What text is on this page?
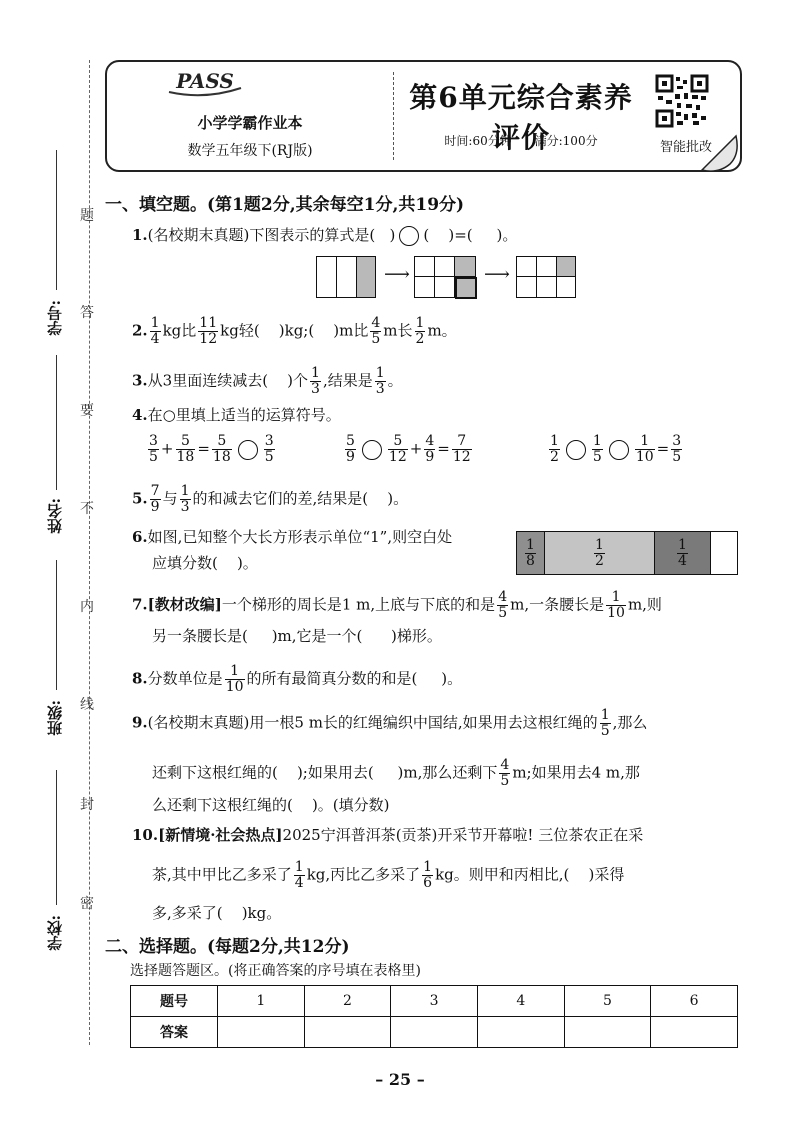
题
答
要
不
内
线
封
密
学号:
姓名:
班级:
学校:
PASS
小学学霸作业本
数学五年级下(RJ版)
第6单元综合素养评价
时间:60分钟 满分:100分	智能批改
一、填空题。(第1题2分,其余每空1分,共19分)
1.(名校期末真题)下图表示的算式是( ) ( )=( )。
⟶	⟶
2. $\frac{1}{4}$ kg比 $\frac{11}{12}$ kg轻( )kg;( )m比 $\frac{4}{5}$ m长 $\frac{1}{2}$ m。
3.从3里面连续减去( )个 $\frac{1}{3}$ ,结果是 $\frac{1}{3}$ 。
4.在○里填上适当的运算符号。
$\frac{3}{5} + \frac{5}{18} = \frac{5}{18} \frac{3}{5}$	$\frac{5}{9} \frac{5}{12} + \frac{4}{9} = \frac{7}{12}$	$\frac{1}{2} \frac{1}{5} \frac{1}{10} = \frac{3}{5}$
5. $\frac{7}{9}$ 与 $\frac{1}{3}$ 的和减去它们的差,结果是( )。
6.如图,已知整个大长方形表示单位“1”,则空白处
应填分数( )。	$\frac{1}{8}$	$\frac{1}{2}$	$\frac{1}{4}$
7.[教材改编]一个梯形的周长是1 m,上底与下底的和是 $\frac{4}{5} m$,一条腰长是 $\frac{1}{10} m$,则
另一条腰长是( )m,它是一个( )梯形。
8.分数单位是 $\frac{1}{10}$ 的所有最简真分数的和是( )。
9.(名校期末真题)用一根5 m长的红绳编织中国结,如果用去这根红绳的 $\frac{1}{5}$ ,那么
还剩下这根红绳的( );如果用去( )m,那么还剩下 $\frac{4}{5} m$;如果用去4 m,那
么还剩下这根红绳的( )。(填分数)
10.[新情境·社会热点]2025宁洱普洱茶(贡茶)开采节开幕啦! 三位茶农正在采
茶,其中甲比乙多采了 $\frac{1}{4}$ kg,丙比乙多采了 $\frac{1}{6}$ kg。则甲和丙相比,( )采得
多,多采了( )kg。
二、选择题。(每题2分,共12分)
选择题答题区。(将正确答案的序号填在表格里)
题号	1	2	3	4	5	6
答案						
– 25 –
